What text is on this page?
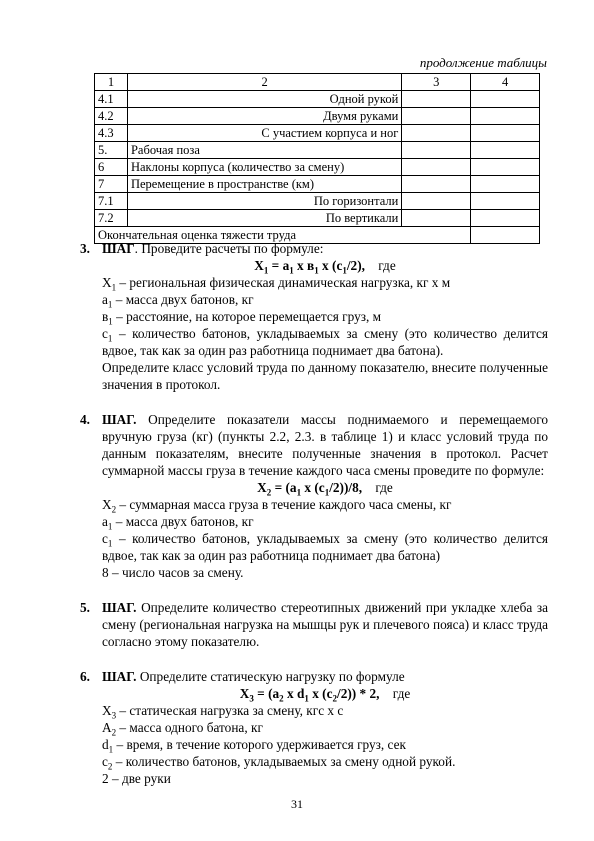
продолжение таблицы
1	2	3	4
4.1	Одной рукой		
4.2	Двумя руками		
4.3	С участием корпуса и ног		
5.	Рабочая поза		
6	Наклоны корпуса (количество за смену)		
7	Перемещение в пространстве (км)		
7.1	По горизонтали		
7.2	По вертикали		
Окончательная оценка тяжести труда			
3. ШАГ. Проведите расчеты по формуле:

$X_1 = a_1$ x $в_1$ x $(c_1/2)$, где

$X_1$ – региональная физическая динамическая нагрузка, кг х м

$a_1$ – масса двух батонов, кг

$в_1$ – расстояние, на которое перемещается груз, м

$c_1$ – количество батонов, укладываемых за смену (это количество делится вдвое, так как за один раз работница поднимает два батона).

Определите класс условий труда по данному показателю, внесите полученные значения в протокол.

4. ШАГ. Определите показатели массы поднимаемого и перемещаемого вручную груза (кг) (пункты 2.2, 2.3. в таблице 1) и класс условий труда по данным показателям, внесите полученные значения в протокол. Расчет суммарной массы груза в течение каждого часа смены проведите по формуле:

$X_2 = (a_1$ x $(c_1/2))/8$, где

$X_2$ – суммарная масса груза в течение каждого часа смены, кг

$a_1$ – масса двух батонов, кг

$c_1$ – количество батонов, укладываемых за смену (это количество делится вдвое, так как за один раз работница поднимает два батона)

8 – число часов за смену.

5. ШАГ. Определите количество стереотипных движений при укладке хлеба за смену (региональная нагрузка на мышцы рук и плечевого пояса) и класс труда согласно этому показателю.

6. ШАГ. Определите статическую нагрузку по формуле

$X_3 = (a_2$ x $d_1$ x $(c_2/2)) * 2$, где

$X_3$ – статическая нагрузка за смену, кгс х с

$A_2$ – масса одного батона, кг

$d_1$ – время, в течение которого удерживается груз, сек

$c_2$ – количество батонов, укладываемых за смену одной рукой.

2 – две руки

31
